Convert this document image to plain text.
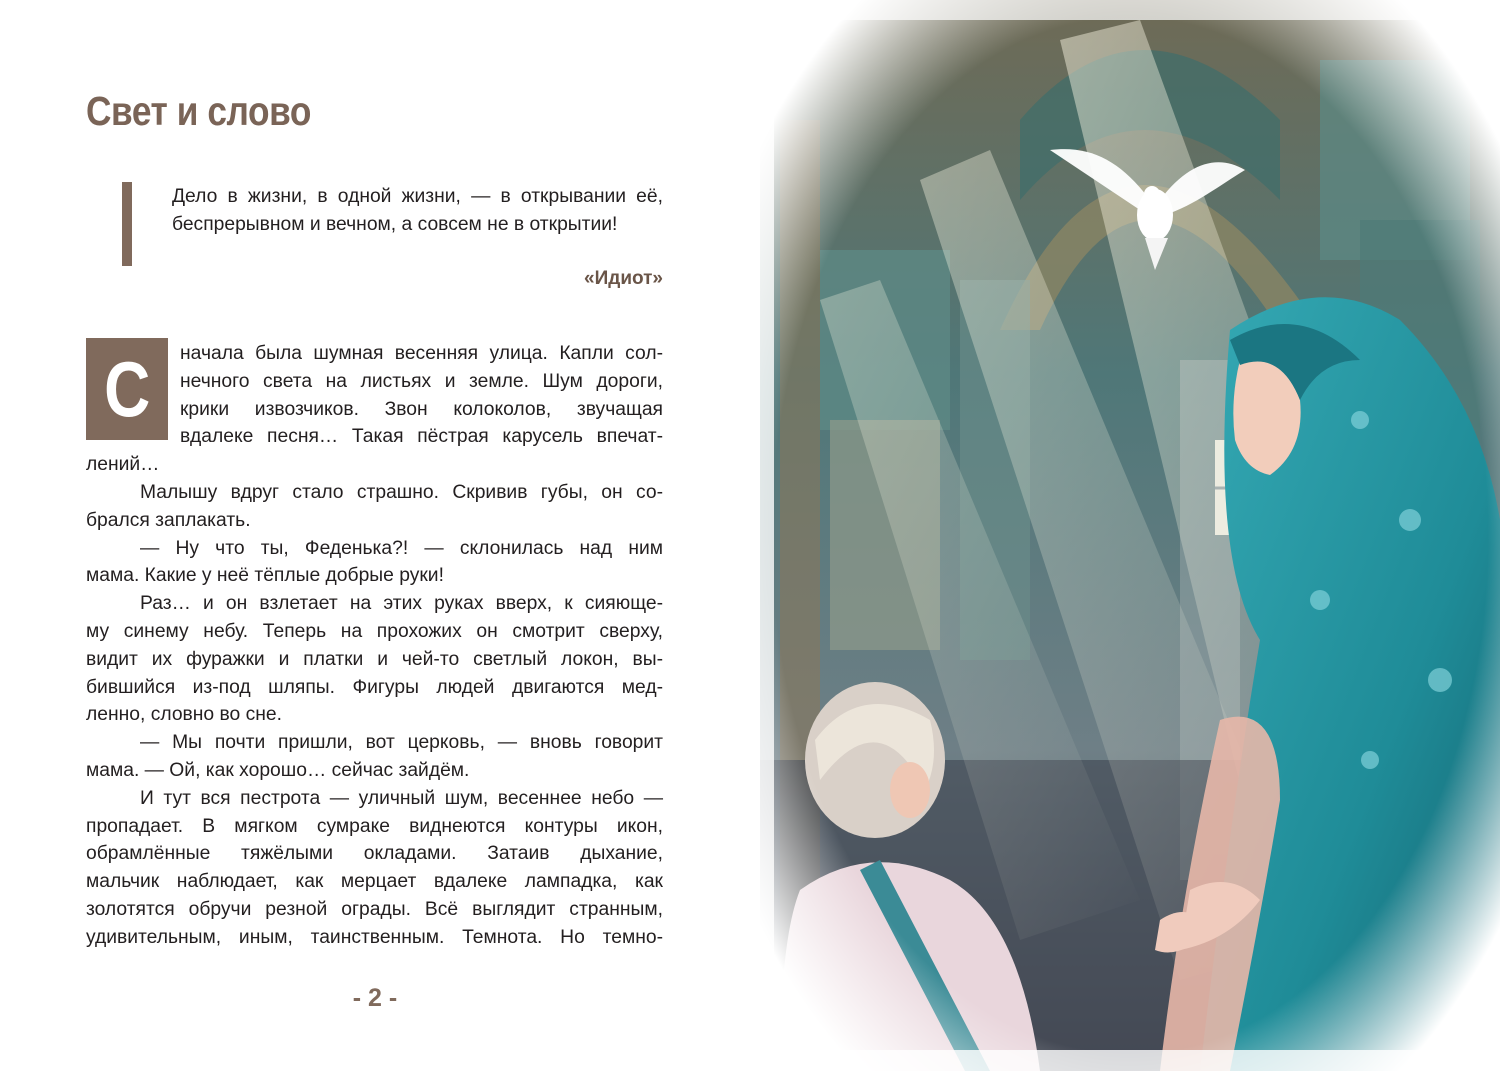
Свет и слово

Дело в жизни, в одной жизни, — в открывании её, беспрерывном и вечном, а совсем не в открытии!

«Идиот»

С	начала была шумная весенняя улица. Капли сол-
нечного света на листьях и земле. Шум дороги,
крики извозчиков. Звон колоколов, звучащая
вдалеке песня… Такая пёстрая карусель впечат-
лений…
Малышу вдруг стало страшно. Скривив губы, он со-
брался заплакать.
— Ну что ты, Феденька?! — склонилась над ним
мама. Какие у неё тёплые добрые руки!
Раз… и он взлетает на этих руках вверх, к сияюще-
му синему небу. Теперь на прохожих он смотрит сверху,
видит их фуражки и платки и чей-то светлый локон, вы-
бившийся из-под шляпы. Фигуры людей двигаются мед-
ленно, словно во сне.
— Мы почти пришли, вот церковь, — вновь говорит
мама. — Ой, как хорошо… сейчас зайдём.
И тут вся пестрота — уличный шум, весеннее небо —
пропадает. В мягком сумраке виднеются контуры икон,
обрамлённые тяжёлыми окладами. Затаив дыхание,
мальчик наблюдает, как мерцает вдалеке лампадка, как
золотятся обручи резной ограды. Всё выглядит странным,
удивительным, иным, таинственным. Темнота. Но темно-

- 2 -
